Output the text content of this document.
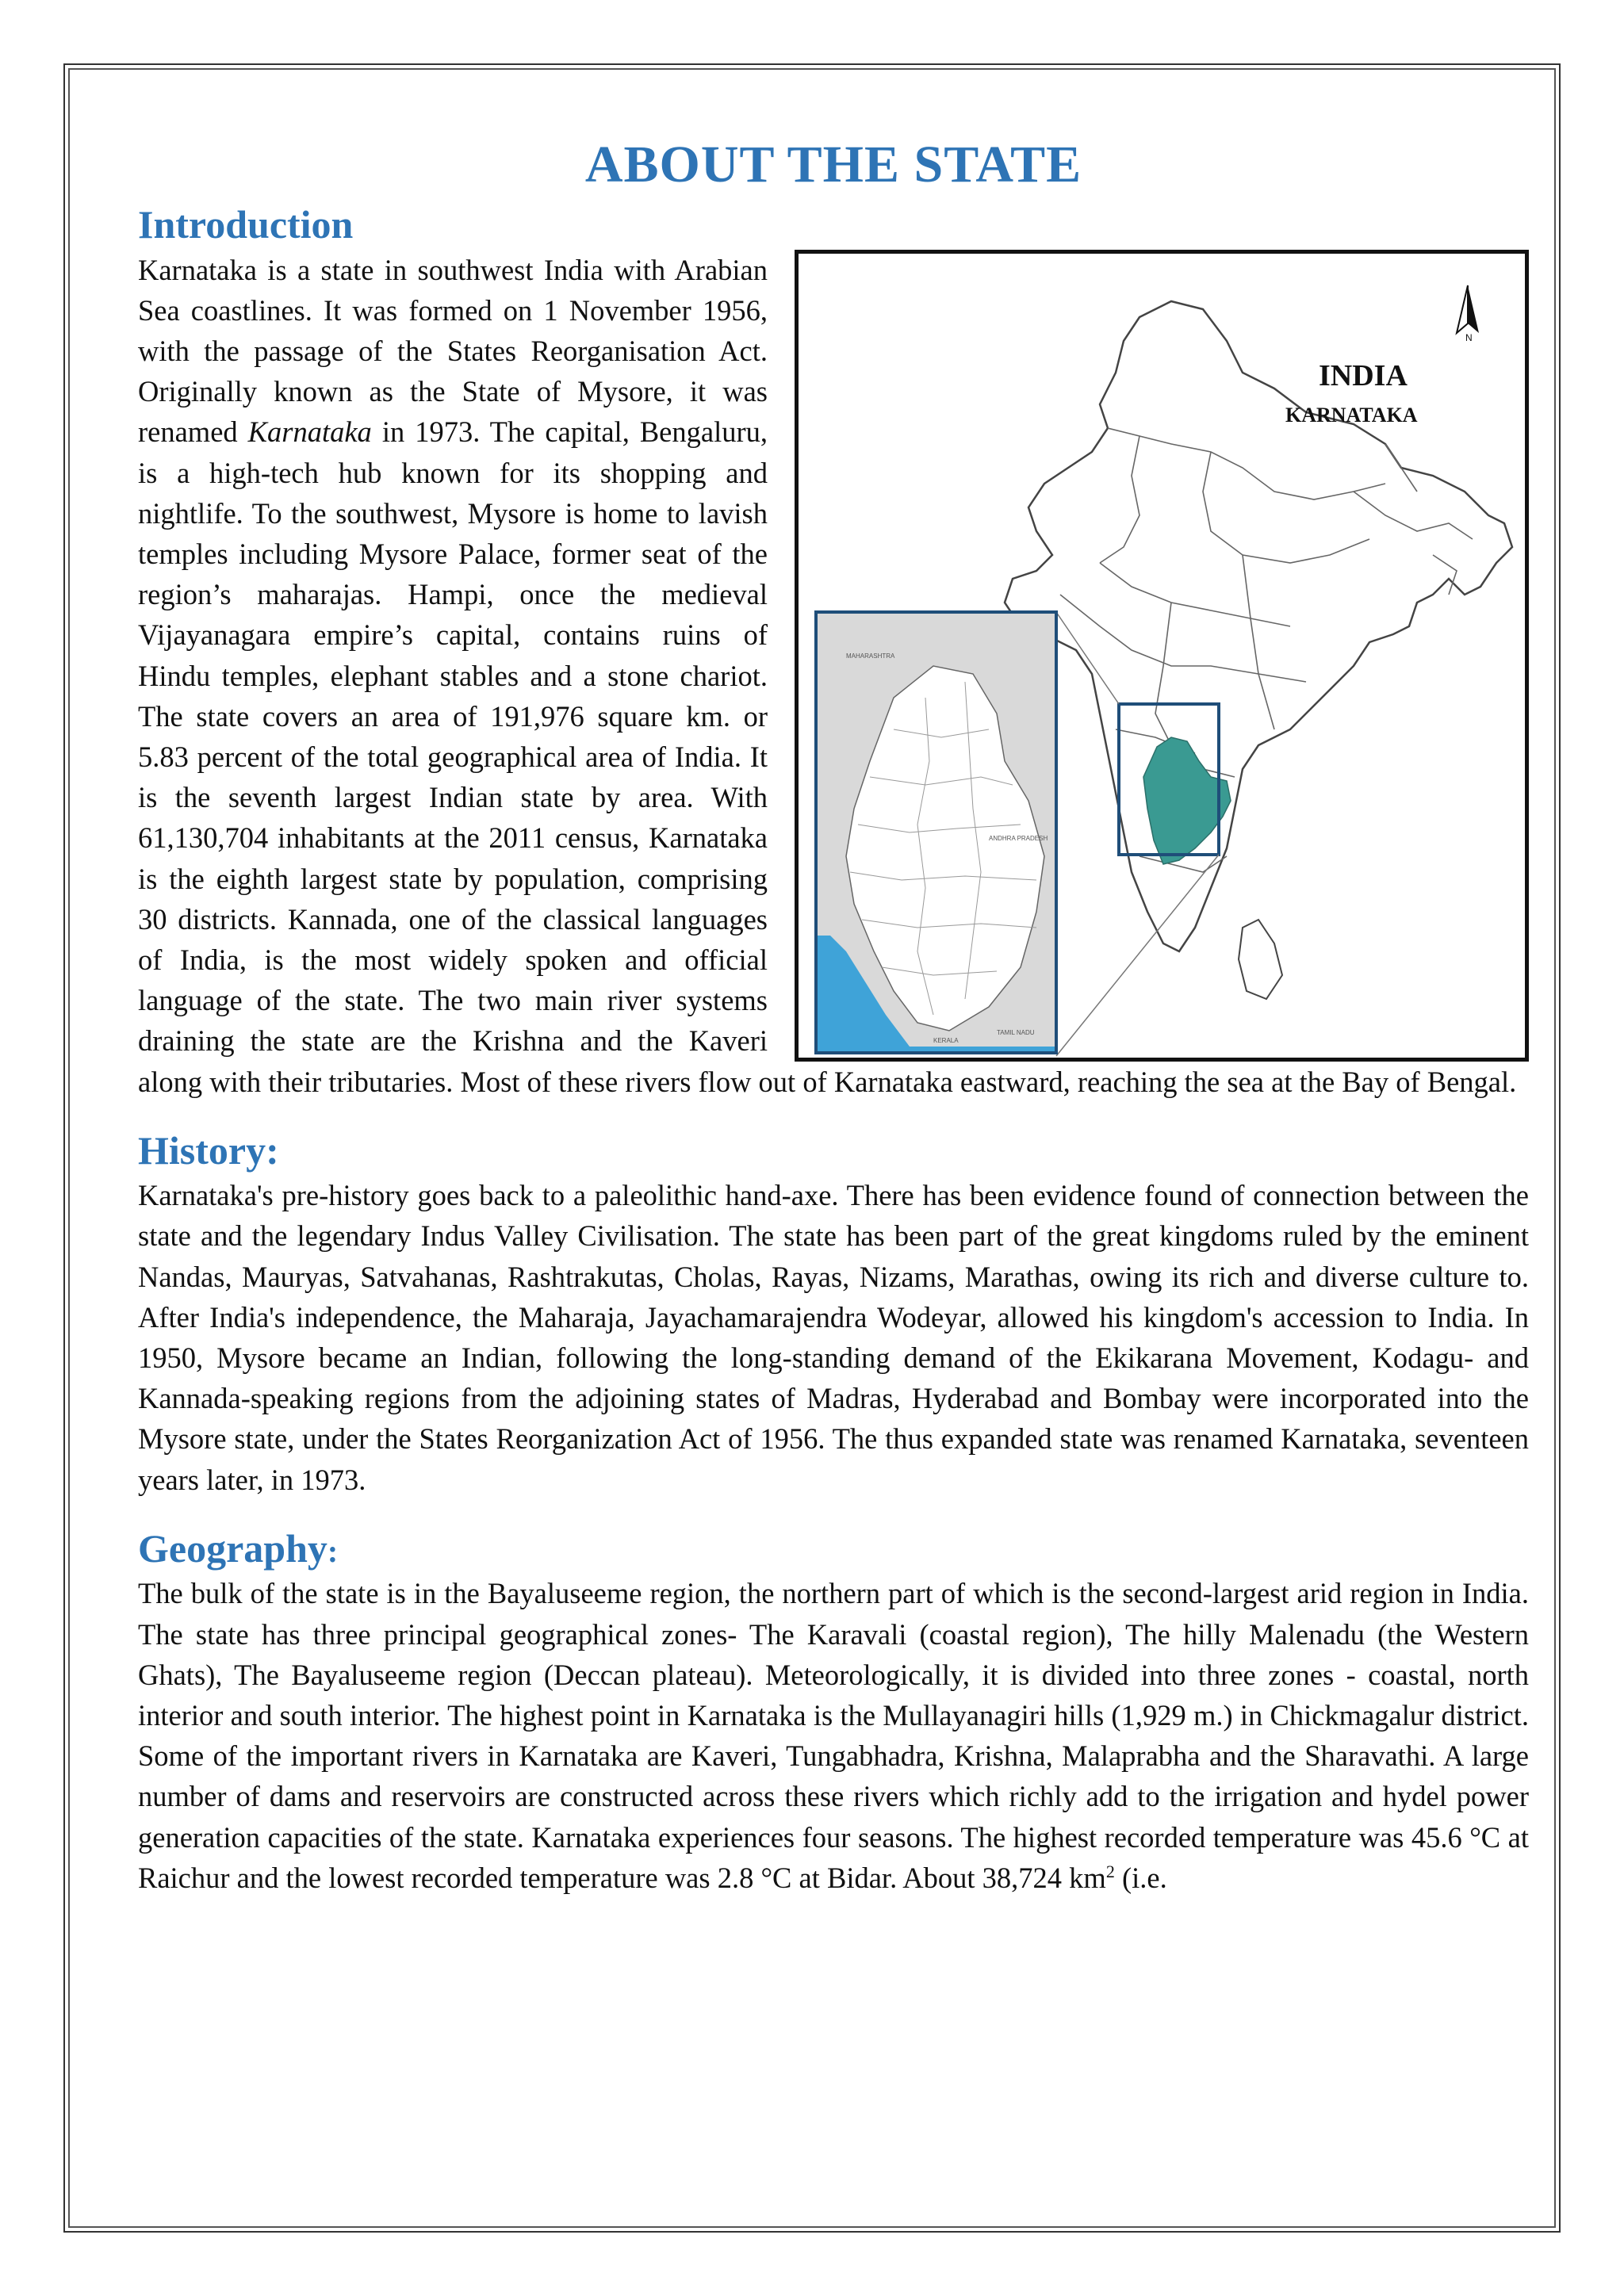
ABOUT THE STATE
Introduction
MAHARASHTRA
ANDHRA PRADESH
KERALA
TAMIL NADU
INDIA
KARNATAKA
N

Karnataka is a state in southwest India with Arabian Sea coastlines. It was formed on 1 November 1956, with the passage of the States Reorganisation Act. Originally known as the State of Mysore, it was renamed Karnataka in 1973. The capital, Bengaluru, is a high-tech hub known for its shopping and nightlife. To the southwest, Mysore is home to lavish temples including Mysore Palace, former seat of the region’s maharajas. Hampi, once the medieval Vijayanagara empire’s capital, contains ruins of Hindu temples, elephant stables and a stone chariot. The state covers an area of 191,976 square km. or 5.83 percent of the total geographical area of India. It is the seventh largest Indian state by area. With 61,130,704 inhabitants at the 2011 census, Karnataka is the eighth largest state by population, comprising 30 districts. Kannada, one of the classical languages of India, is the most widely spoken and official language of the state. The two main river systems draining the state are the Krishna and the Kaveri along with their tributaries. Most of these rivers flow out of Karnataka eastward, reaching the sea at the Bay of Bengal.

History:

Karnataka's pre-history goes back to a paleolithic hand-axe. There has been evidence found of connection between the state and the legendary Indus Valley Civilisation. The state has been part of the great kingdoms ruled by the eminent Nandas, Mauryas, Satvahanas, Rashtrakutas, Cholas, Rayas, Nizams, Marathas, owing its rich and diverse culture to. After India's independence, the Maharaja, Jayachamarajendra Wodeyar, allowed his kingdom's accession to India. In 1950, Mysore became an Indian, following the long-standing demand of the Ekikarana Movement, Kodagu- and Kannada-speaking regions from the adjoining states of Madras, Hyderabad and Bombay were incorporated into the Mysore state, under the States Reorganization Act of 1956. The thus expanded state was renamed Karnataka, seventeen years later, in 1973.

Geography:

The bulk of the state is in the Bayaluseeme region, the northern part of which is the second-largest arid region in India. The state has three principal geographical zones- The Karavali (coastal region), The hilly Malenadu (the Western Ghats), The Bayaluseeme region (Deccan plateau). Meteorologically, it is divided into three zones - coastal, north interior and south interior. The highest point in Karnataka is the Mullayanagiri hills (1,929 m.) in Chickmagalur district. Some of the important rivers in Karnataka are Kaveri, Tungabhadra, Krishna, Malaprabha and the Sharavathi. A large number of dams and reservoirs are constructed across these rivers which richly add to the irrigation and hydel power generation capacities of the state. Karnataka experiences four seasons. The highest recorded temperature was 45.6 °C at Raichur and the lowest recorded temperature was 2.8 °C at Bidar. About 38,724 $km^2$ (i.e.
